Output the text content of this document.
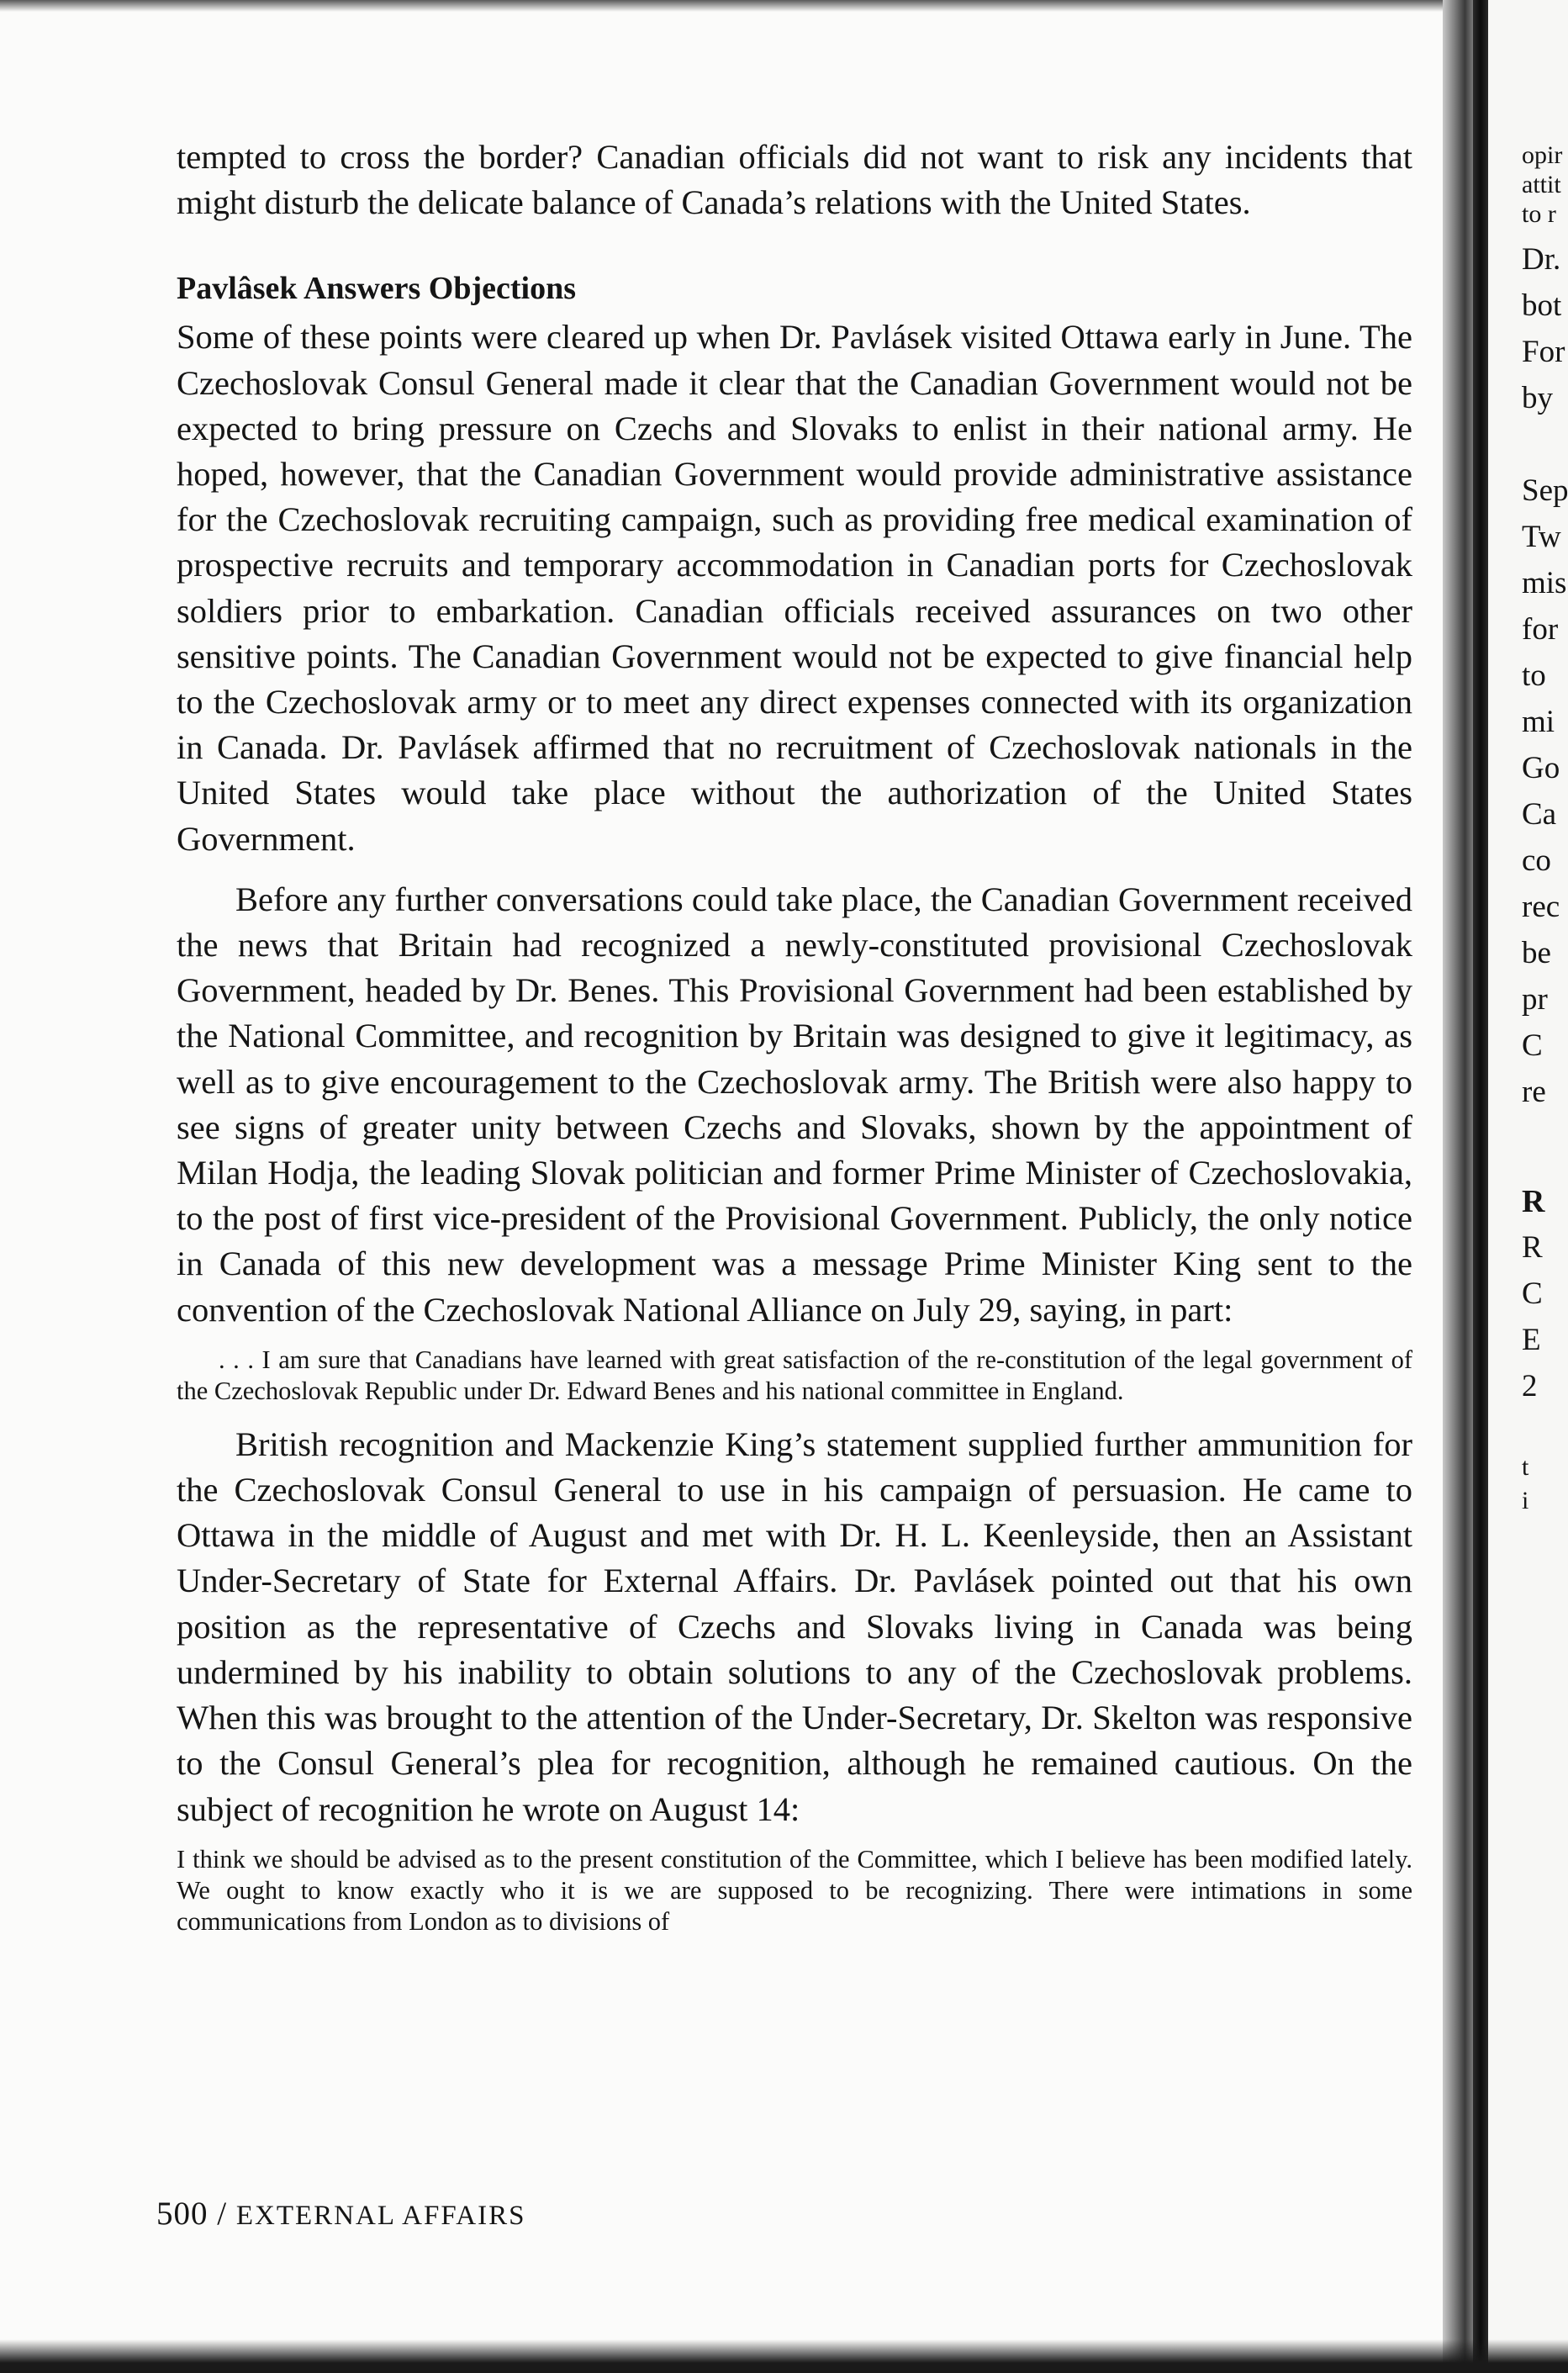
tempted to cross the border? Canadian officials did not want to risk any incidents that might disturb the delicate balance of Canada’s relations with the United States.

Pavlâsek Answers Objections

Some of these points were cleared up when Dr. Pavlásek visited Ottawa early in June. The Czechoslovak Consul General made it clear that the Canadian Government would not be expected to bring pressure on Czechs and Slovaks to enlist in their national army. He hoped, however, that the Canadian Government would provide administrative assistance for the Czechoslovak recruiting campaign, such as providing free medical examination of prospective recruits and temporary accommodation in Canadian ports for Czechoslovak soldiers prior to embarkation. Canadian officials received assurances on two other sensitive points. The Canadian Government would not be expected to give financial help to the Czechoslovak army or to meet any direct expenses connected with its organization in Canada. Dr. Pavlásek affirmed that no recruitment of Czechoslovak nationals in the United States would take place without the authorization of the United States Government.

Before any further conversations could take place, the Canadian Government received the news that Britain had recognized a newly-constituted provisional Czechoslovak Government, headed by Dr. Benes. This Provisional Government had been established by the National Committee, and recognition by Britain was designed to give it legitimacy, as well as to give encouragement to the Czechoslovak army. The British were also happy to see signs of greater unity between Czechs and Slovaks, shown by the appointment of Milan Hodja, the leading Slovak politician and former Prime Minister of Czechoslovakia, to the post of first vice-president of the Provisional Government. Publicly, the only notice in Canada of this new development was a message Prime Minister King sent to the convention of the Czechoslovak National Alliance on July 29, saying, in part:

. . . I am sure that Canadians have learned with great satisfaction of the re-constitution of the legal government of the Czechoslovak Republic under Dr. Edward Benes and his national committee in England.

British recognition and Mackenzie King’s statement supplied further ammunition for the Czechoslovak Consul General to use in his campaign of persuasion. He came to Ottawa in the middle of August and met with Dr. H. L. Keenleyside, then an Assistant Under-Secretary of State for External Affairs. Dr. Pavlásek pointed out that his own position as the representative of Czechs and Slovaks living in Canada was being undermined by his inability to obtain solutions to any of the Czechoslovak problems. When this was brought to the attention of the Under-Secretary, Dr. Skelton was responsive to the Consul General’s plea for recognition, although he remained cautious. On the subject of recognition he wrote on August 14:

I think we should be advised as to the present constitution of the Committee, which I believe has been modified lately. We ought to know exactly who it is we are supposed to be recognizing. There were intimations in some communications from London as to divisions of

500 / EXTERNAL AFFAIRS
opir
attit
to r
Dr.
bot
For
by
Sep
Tw
mis
for
to
mi
Go
Ca
co
rec
be
pr
C
re
R
R
C
E
2
t
i
